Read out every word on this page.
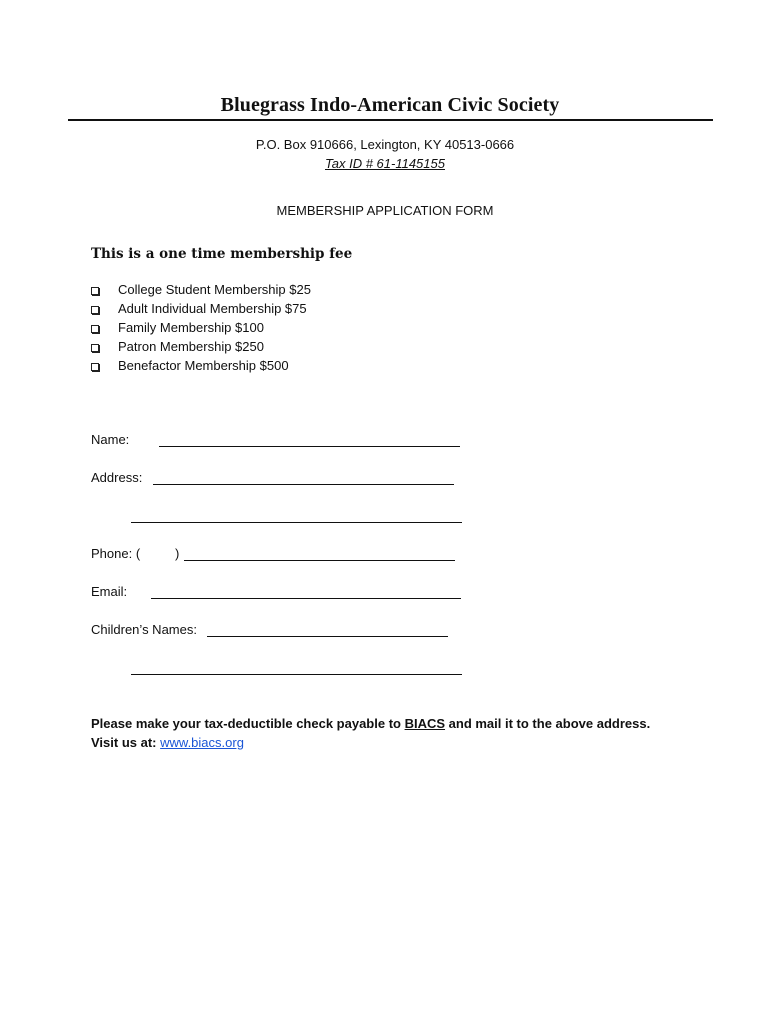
Bluegrass Indo-American Civic Society
P.O. Box 910666, Lexington, KY 40513-0666
Tax ID # 61-1145155
MEMBERSHIP APPLICATION FORM
This is a one time membership fee
College Student Membership $25
Adult Individual Membership $75
Family Membership $100
Patron Membership $250
Benefactor Membership $500
Name:
Address:
Phone: (	)
Email:
Children’s Names:
Please make your tax-deductible check payable to BIACS and mail it to the above address.
Visit us at: www.biacs.org
